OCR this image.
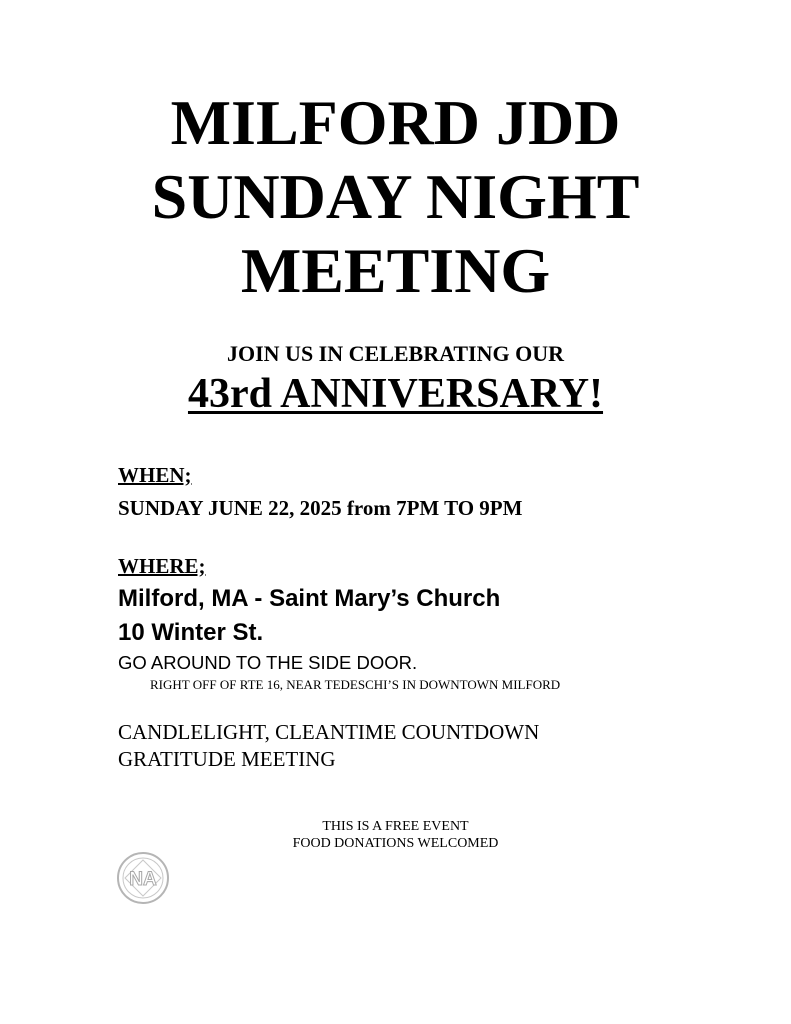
MILFORD JDD
SUNDAY NIGHT
MEETING
JOIN US IN CELEBRATING OUR
43rd ANNIVERSARY!
WHEN;
SUNDAY JUNE 22, 2025 from 7PM TO 9PM
WHERE;
Milford, MA - Saint Mary’s Church
10 Winter St.
GO AROUND TO THE SIDE DOOR.
RIGHT OFF OF RTE 16, NEAR TEDESCHI’S IN DOWNTOWN MILFORD
CANDLELIGHT, CLEANTIME COUNTDOWN
GRATITUDE MEETING
THIS IS A FREE EVENT
FOOD DONATIONS WELCOMED
NA
